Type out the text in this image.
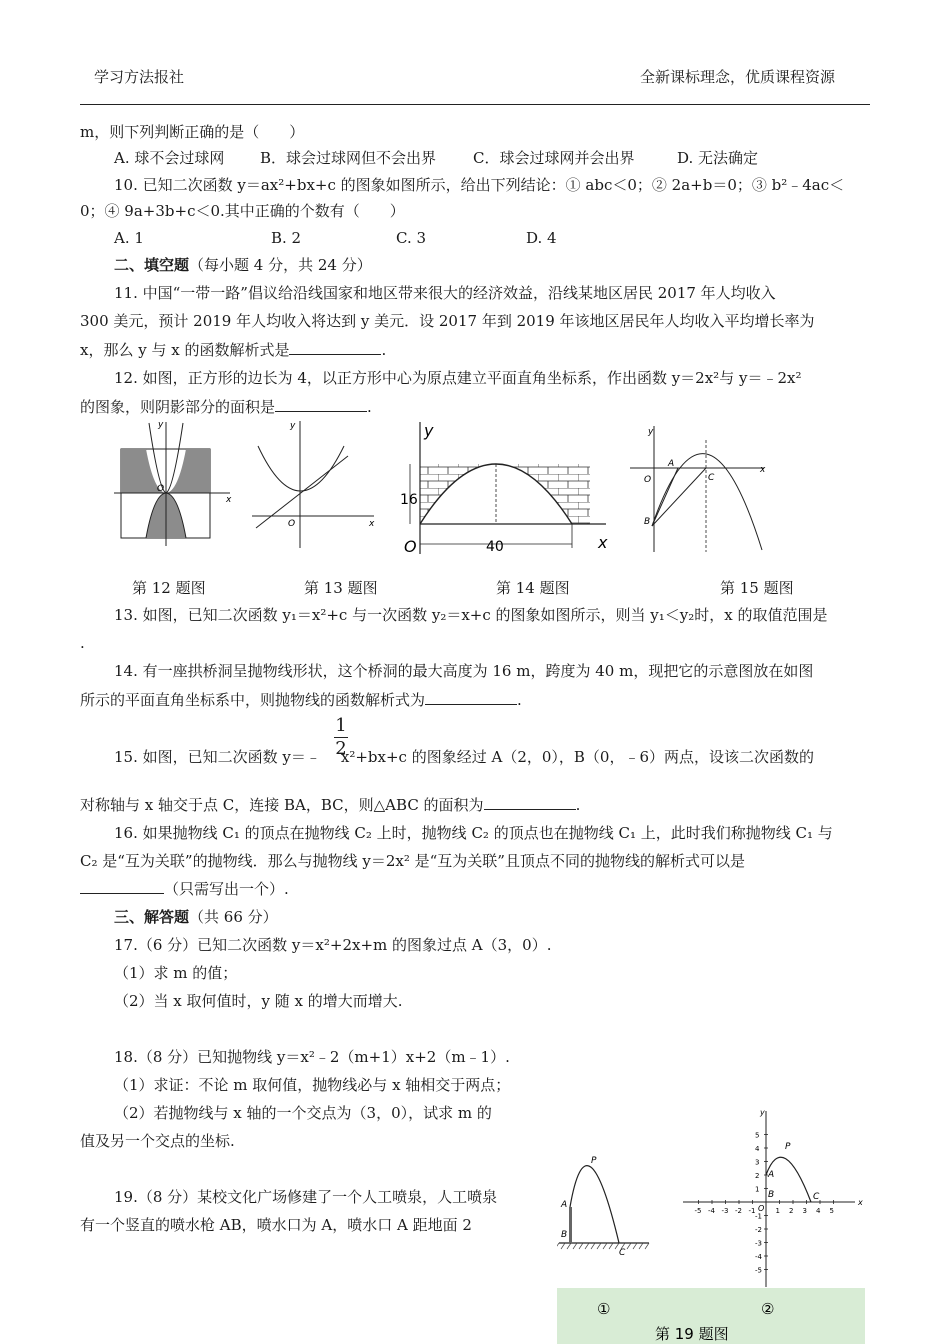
学习方法报社	全新课标理念，优质课程资源
m，则下列判断正确的是（　　）
A. 球不会过球网 B．球会过球网但不会出界 C．球会过球网并会出界	D. 无法确定
10. 已知二次函数 y＝ax²+bx+c 的图象如图所示，给出下列结论：① abc＜0；② 2a+b＝0；③ b²﹣4ac＜
0；④ 9a+3b+c＜0.其中正确的个数有（　　）
A. 1	B. 2	C. 3	D. 4
二、填空题（每小题 4 分，共 24 分）
11. 中国“一带一路”倡议给沿线国家和地区带来很大的经济效益，沿线某地区居民 2017 年人均收入
300 美元，预计 2019 年人均收入将达到 y 美元．设 2017 年到 2019 年该地区居民年人均收入平均增长率为
x，那么 y 与 x 的函数解析式是	.
12. 如图，正方形的边长为 4，以正方形中心为原点建立平面直角坐标系，作出函数 y＝2x²与 y＝﹣2x²
的图象，则阴影部分的面积是	.
x
y
O
x
y
O
y
x
O
16
40
x
y
O
A
B
C
第 12 题图	第 13 题图	第 14 题图	第 15 题图
13. 如图，已知二次函数 y₁＝x²+c 与一次函数 y₂＝x+c 的图象如图所示，则当 y₁＜y₂时，x 的取值范围是
.
14. 有一座拱桥洞呈抛物线形状，这个桥洞的最大高度为 16 m，跨度为 40 m，现把它的示意图放在如图
所示的平面直角坐标系中，则抛物线的函数解析式为	.
1
2
15. 如图，已知二次函数 y＝﹣ x²+bx+c 的图象经过 A（2，0），B（0，﹣6）两点，设该二次函数的
对称轴与 x 轴交于点 C，连接 BA，BC，则△ABC 的面积为	.
16. 如果抛物线 C₁ 的顶点在抛物线 C₂ 上时，抛物线 C₂ 的顶点也在抛物线 C₁ 上，此时我们称抛物线 C₁ 与
C₂ 是“互为关联”的抛物线．那么与抛物线 y＝2x² 是“互为关联”且顶点不同的抛物线的解析式可以是
（只需写出一个）.
三、解答题（共 66 分）
17.（6 分）已知二次函数 y＝x²+2x+m 的图象过点 A（3，0）.
（1）求 m 的值；
（2）当 x 取何值时，y 随 x 的增大而增大.
18.（8 分）已知抛物线 y＝x²﹣2（m+1）x+2（m﹣1）.
（1）求证：不论 m 取何值，抛物线必与 x 轴相交于两点；
（2）若抛物线与 x 轴的一个交点为（3，0），试求 m 的
值及另一个交点的坐标.
19.（8 分）某校文化广场修建了一个人工喷泉，人工喷泉
有一个竖直的喷水枪 AB，喷水口为 A，喷水口 A 距地面 2
P
A
B
C
-5 -4 -3 -2 -1	1 2 3 4 5
5
4
3
2
1
-1
-2
-3
-4
-5
x
y
O
P
A
B	C
①	②
第 19 题图
